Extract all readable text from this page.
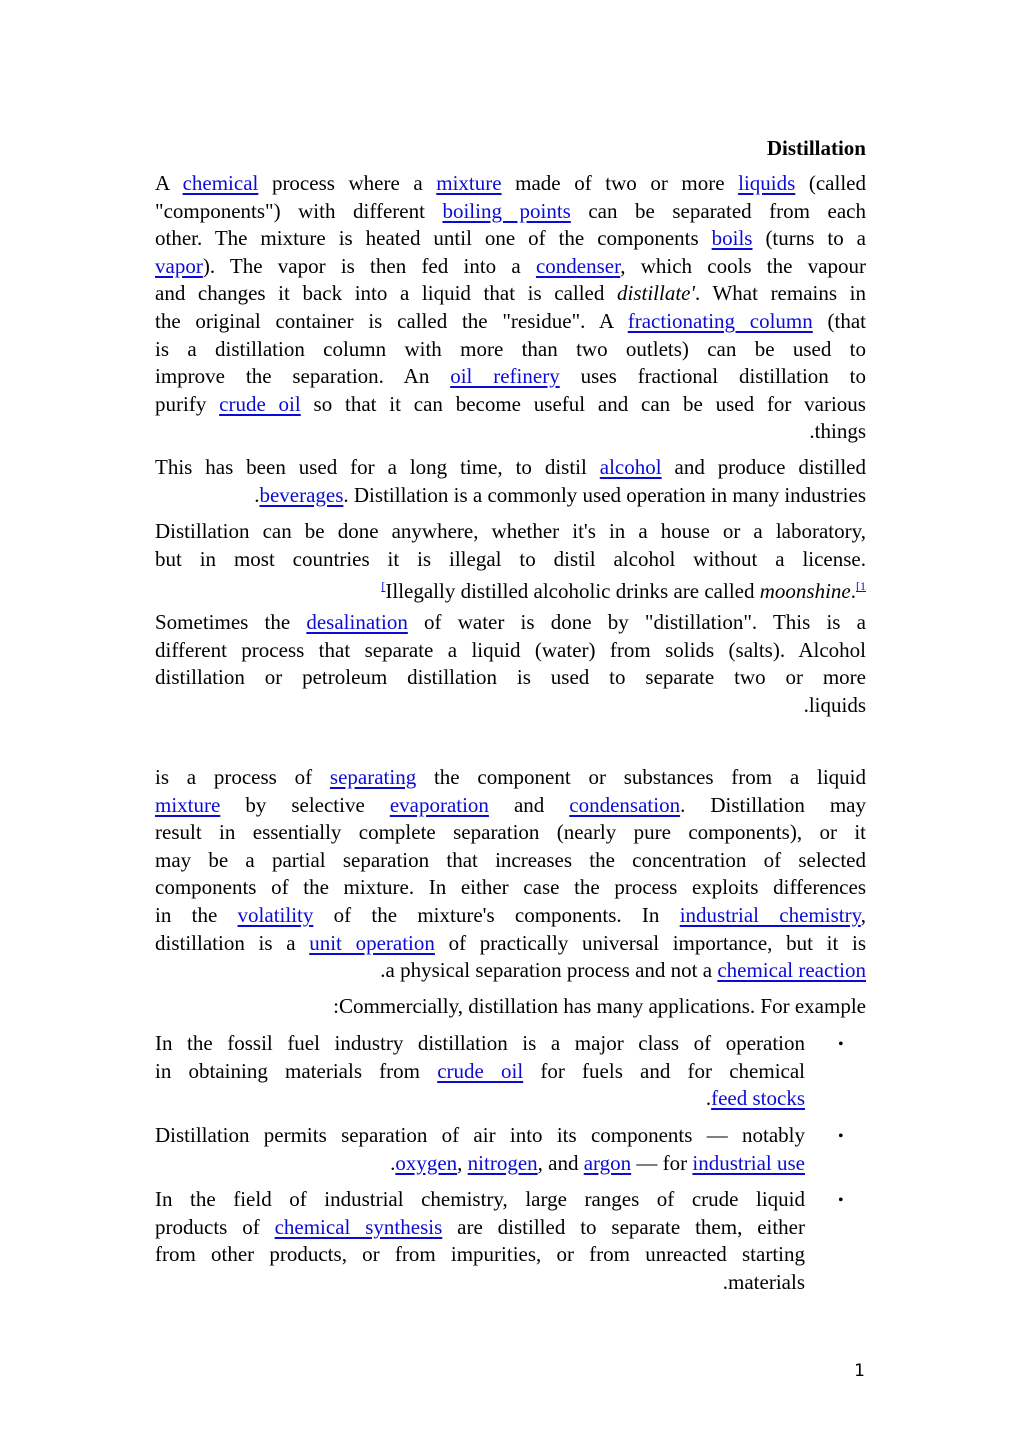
Distillation
A chemical process where a mixture made of two or more liquids (called
"components") with different boiling points can be separated from each
other. The mixture is heated until one of the components boils (turns to a
vapor). The vapor is then fed into a condenser, which cools the vapour
and changes it back into a liquid that is called distillate'. What remains in
the original container is called the "residue". A fractionating column (that
is a distillation column with more than two outlets) can be used to
improve the separation. An oil refinery uses fractional distillation to
purify crude oil so that it can become useful and can be used for various
.things
This has been used for a long time, to distil alcohol and produce distilled
.beverages. Distillation is a commonly used operation in many industries
Distillation can be done anywhere, whether it's in a house or a laboratory,
but in most countries it is illegal to distil alcohol without a license.
[Illegally distilled alcoholic drinks are called moonshine.$^{[1}$
Sometimes the desalination of water is done by "distillation". This is a
different process that separate a liquid (water) from solids (salts). Alcohol
distillation or petroleum distillation is used to separate two or more
.liquids
is a process of separating the component or substances from a liquid
mixture by selective evaporation and condensation. Distillation may
result in essentially complete separation (nearly pure components), or it
may be a partial separation that increases the concentration of selected
components of the mixture. In either case the process exploits differences
in the volatility of the mixture's components. In industrial chemistry,
distillation is a unit operation of practically universal importance, but it is
.a physical separation process and not a chemical reaction
:Commercially, distillation has many applications. For example
•
In the fossil fuel industry distillation is a major class of operation
in obtaining materials from crude oil for fuels and for chemical
.feed stocks
•
Distillation permits separation of air into its components — notably
.oxygen, nitrogen, and argon — for industrial use
•
In the field of industrial chemistry, large ranges of crude liquid
products of chemical synthesis are distilled to separate them, either
from other products, or from impurities, or from unreacted starting
.materials
1
